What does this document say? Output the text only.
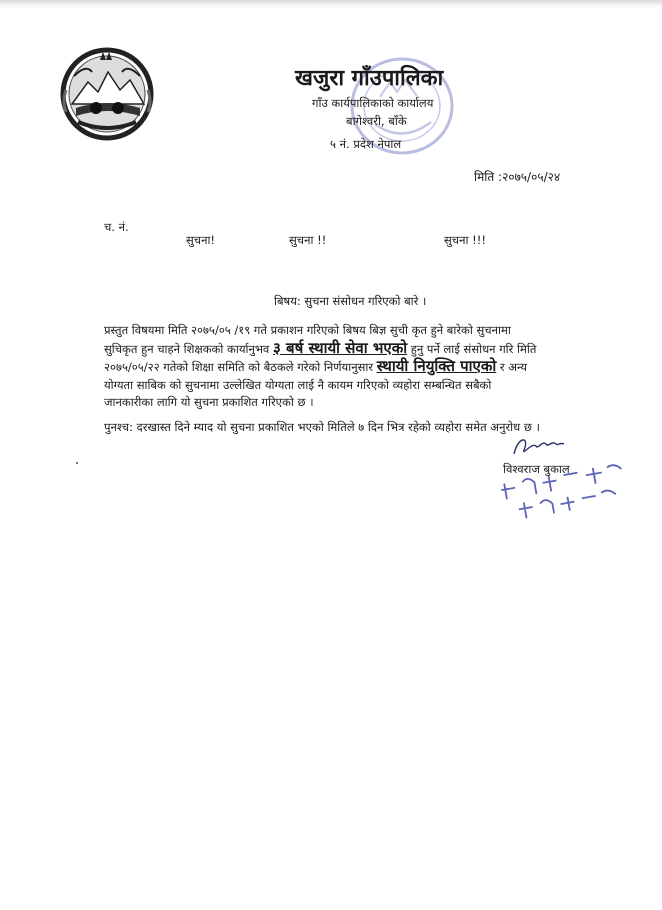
खजुरा गाँउपालिका
गाँउ कार्यपालिकाको कार्यालय
बागेश्वरी, बाँके
५ नं. प्रदेश नेपाल
मिति :२०७५/०५/२४
च. नं.
सुचना!	सुचना !!	सुचना !!!
बिषय: सुचना संसोधन गरिएको बारे ।

प्रस्तुत विषयमा मिति २०७५/०५ /१९ गते प्रकाशन गरिएको बिषय बिज्ञ सुची कृत हुने बारेको सुचनामा

सुचिकृत हुन चाहने शिक्षकको कार्यानुभव ३ बर्ष स्थायी सेवा भएको हुनु पर्ने लाई संसोधन गरि मिति

२०७५/०५/२२ गतेको शिक्षा समिति को बैठकले गरेको निर्णयानुसार स्थायी नियुक्ति पाएको र अन्य

योग्यता साबिक को सुचनामा उल्लेखित योग्यता लाई नै कायम गरिएको व्यहोरा सम्बन्धित सबैको

जानकारीका लागि यो सुचना प्रकाशित गरिएको छ ।

पुनश्च: दरखास्त दिने म्याद यो सुचना प्रकाशित भएको मितिले ७ दिन भित्र रहेको व्यहोरा समेत अनुरोध छ ।
विश्वराज बुकाल
